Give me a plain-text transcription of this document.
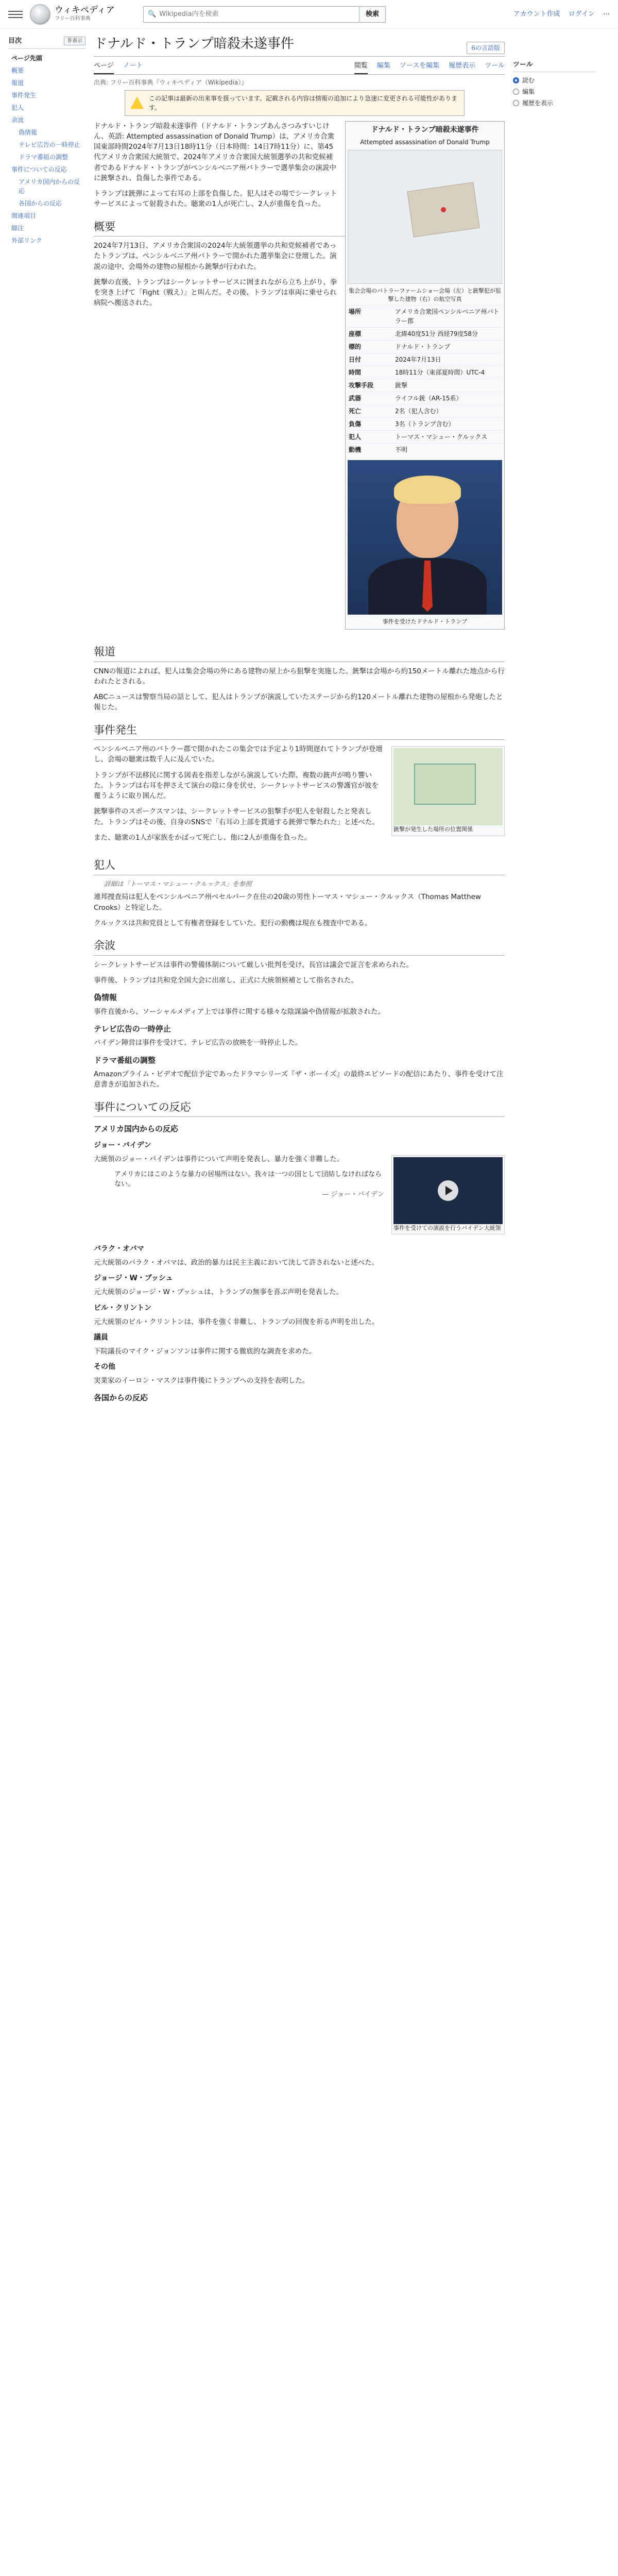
ウィキペディア
フリー百科事典
🔍 Wikipedia内を検索	検索	アカウント作成 ログイン ⋯
目次	非表示
ページ先頭
概要
報道
事件発生
犯人
余波
偽情報
テレビ広告の一時停止
ドラマ番組の調整
事件についての反応
アメリカ国内からの反応
各国からの反応
関連項目
脚注
外部リンク
ドナルド・トランプ暗殺未遂事件	6の言語版
ページ ノート	閲覧 編集 ソースを編集 履歴表示 ツール
出典: フリー百科事典『ウィキペディア（Wikipedia）』
この記事は最新の出来事を扱っています。記載される内容は情報の追加により急速に変更される可能性があります。
ドナルド・トランプ暗殺未遂事件
Attempted assassination of Donald Trump
集会会場のバトラーファームショー会場（左）と銃撃犯が狙撃した建物（右）の航空写真
場所	アメリカ合衆国ペンシルベニア州バトラー郡
座標	北緯40度51分 西経79度58分
標的	ドナルド・トランプ
日付	2024年7月13日
時間	18時11分（東部夏時間）UTC-4
攻撃手段	銃撃
武器	ライフル銃（AR-15系）
死亡	2名（犯人含む）
負傷	3名（トランプ含む）
犯人	トーマス・マシュー・クルックス
動機	不明
事件を受けたドナルド・トランプ

ドナルド・トランプ暗殺未遂事件（ドナルド・トランプあんさつみすいじけん、英語: Attempted assassination of Donald Trump）は、アメリカ合衆国東部時間2024年7月13日18時11分（日本時間：14日7時11分）に、第45代アメリカ合衆国大統領で、2024年アメリカ合衆国大統領選挙の共和党候補者であるドナルド・トランプがペンシルベニア州バトラーで選挙集会の演説中に銃撃され、負傷した事件である。

トランプは銃弾によって右耳の上部を負傷した。犯人はその場でシークレットサービスによって射殺された。聴衆の1人が死亡し、2人が重傷を負った。

概要

2024年7月13日、アメリカ合衆国の2024年大統領選挙の共和党候補者であったトランプは、ペンシルベニア州バトラーで開かれた選挙集会に登壇した。演説の途中、会場外の建物の屋根から銃撃が行われた。

銃撃の直後、トランプはシークレットサービスに囲まれながら立ち上がり、拳を突き上げて「Fight（戦え）」と叫んだ。その後、トランプは車両に乗せられ病院へ搬送された。

報道

CNNの報道によれば、犯人は集会会場の外にある建物の屋上から狙撃を実施した。銃撃は会場から約150メートル離れた地点から行われたとされる。

ABCニュースは警察当局の話として、犯人はトランプが演説していたステージから約120メートル離れた建物の屋根から発砲したと報じた。

事件発生
銃撃が発生した場所の位置関係

ペンシルベニア州のバトラー郡で開かれたこの集会では予定より1時間遅れてトランプが登壇し、会場の聴衆は数千人に及んでいた。

トランプが不法移民に関する図表を指差しながら演説していた際、複数の銃声が鳴り響いた。トランプは右耳を押さえて演台の陰に身を伏せ、シークレットサービスの警護官が彼を覆うように取り囲んだ。

銃撃事件のスポークスマンは、シークレットサービスの狙撃手が犯人を射殺したと発表した。トランプはその後、自身のSNSで「右耳の上部を貫通する銃弾で撃たれた」と述べた。

また、聴衆の1人が家族をかばって死亡し、他に2人が重傷を負った。

犯人
詳細は「トーマス・マシュー・クルックス」を参照

連邦捜査局は犯人をペンシルベニア州ベセルパーク在住の20歳の男性トーマス・マシュー・クルックス（Thomas Matthew Crooks）と特定した。

クルックスは共和党員として有権者登録をしていた。犯行の動機は現在も捜査中である。

余波

シークレットサービスは事件の警備体制について厳しい批判を受け、長官は議会で証言を求められた。

事件後、トランプは共和党全国大会に出席し、正式に大統領候補として指名された。

偽情報

事件直後から、ソーシャルメディア上では事件に関する様々な陰謀論や偽情報が拡散された。

テレビ広告の一時停止

バイデン陣営は事件を受けて、テレビ広告の放映を一時停止した。

ドラマ番組の調整

Amazonプライム・ビデオで配信予定であったドラマシリーズ『ザ・ボーイズ』の最終エピソードの配信にあたり、事件を受けて注意書きが追加された。

事件についての反応
アメリカ国内からの反応
ジョー・バイデン
事件を受けての演説を行うバイデン大統領

大統領のジョー・バイデンは事件について声明を発表し、暴力を強く非難した。

アメリカにはこのような暴力の居場所はない。我々は一つの国として団結しなければならない。
— ジョー・バイデン
バラク・オバマ

元大統領のバラク・オバマは、政治的暴力は民主主義において決して許されないと述べた。

ジョージ・W・ブッシュ

元大統領のジョージ・W・ブッシュは、トランプの無事を喜ぶ声明を発表した。

ビル・クリントン

元大統領のビル・クリントンは、事件を強く非難し、トランプの回復を祈る声明を出した。

議員

下院議長のマイク・ジョンソンは事件に関する徹底的な調査を求めた。

その他

実業家のイーロン・マスクは事件後にトランプへの支持を表明した。

各国からの反応
ツール
読む
編集
履歴を表示
